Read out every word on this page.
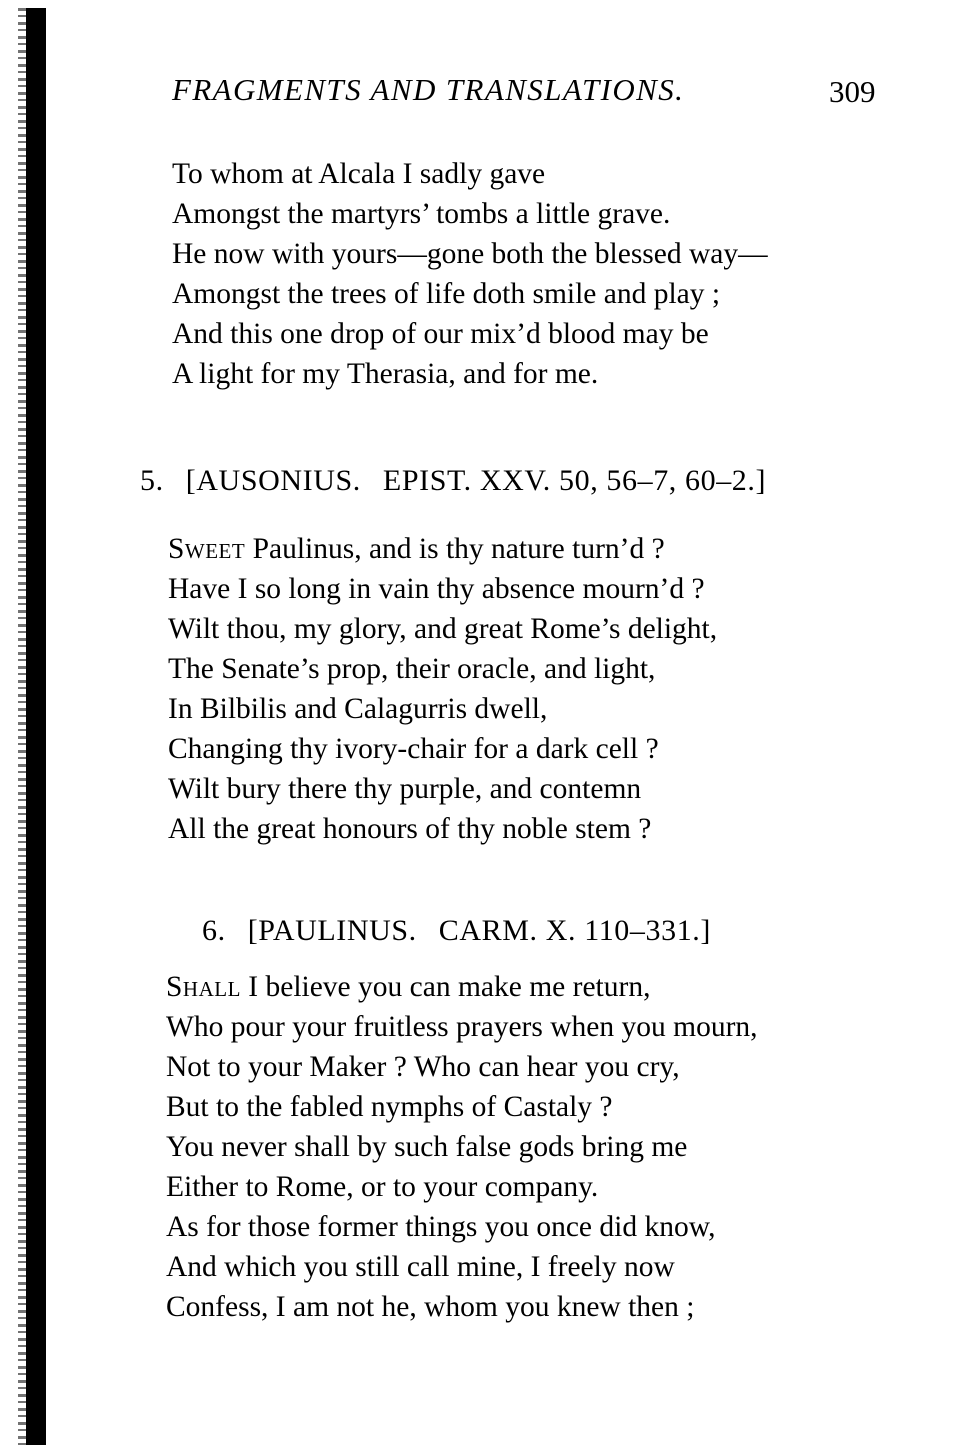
FRAGMENTS AND TRANSLATIONS.	309
To whom at Alcala I sadly gave
Amongst the martyrs’ tombs a little grave.
He now with yours—gone both the blessed way—
Amongst the trees of life doth smile and play ;
And this one drop of our mix’d blood may be
A light for my Therasia, and for me.
5. [AUSONIUS. EPIST. XXV. 50, 56–7, 60–2.]
Sweet Paulinus, and is thy nature turn’d ?
Have I so long in vain thy absence mourn’d ?
Wilt thou, my glory, and great Rome’s delight,
The Senate’s prop, their oracle, and light,
In Bilbilis and Calagurris dwell,
Changing thy ivory-chair for a dark cell ?
Wilt bury there thy purple, and contemn
All the great honours of thy noble stem ?
6. [PAULINUS. CARM. X. 110–331.]
Shall I believe you can make me return,
Who pour your fruitless prayers when you mourn,
Not to your Maker ? Who can hear you cry,
But to the fabled nymphs of Castaly ?
You never shall by such false gods bring me
Either to Rome, or to your company.
As for those former things you once did know,
And which you still call mine, I freely now
Confess, I am not he, whom you knew then ;
